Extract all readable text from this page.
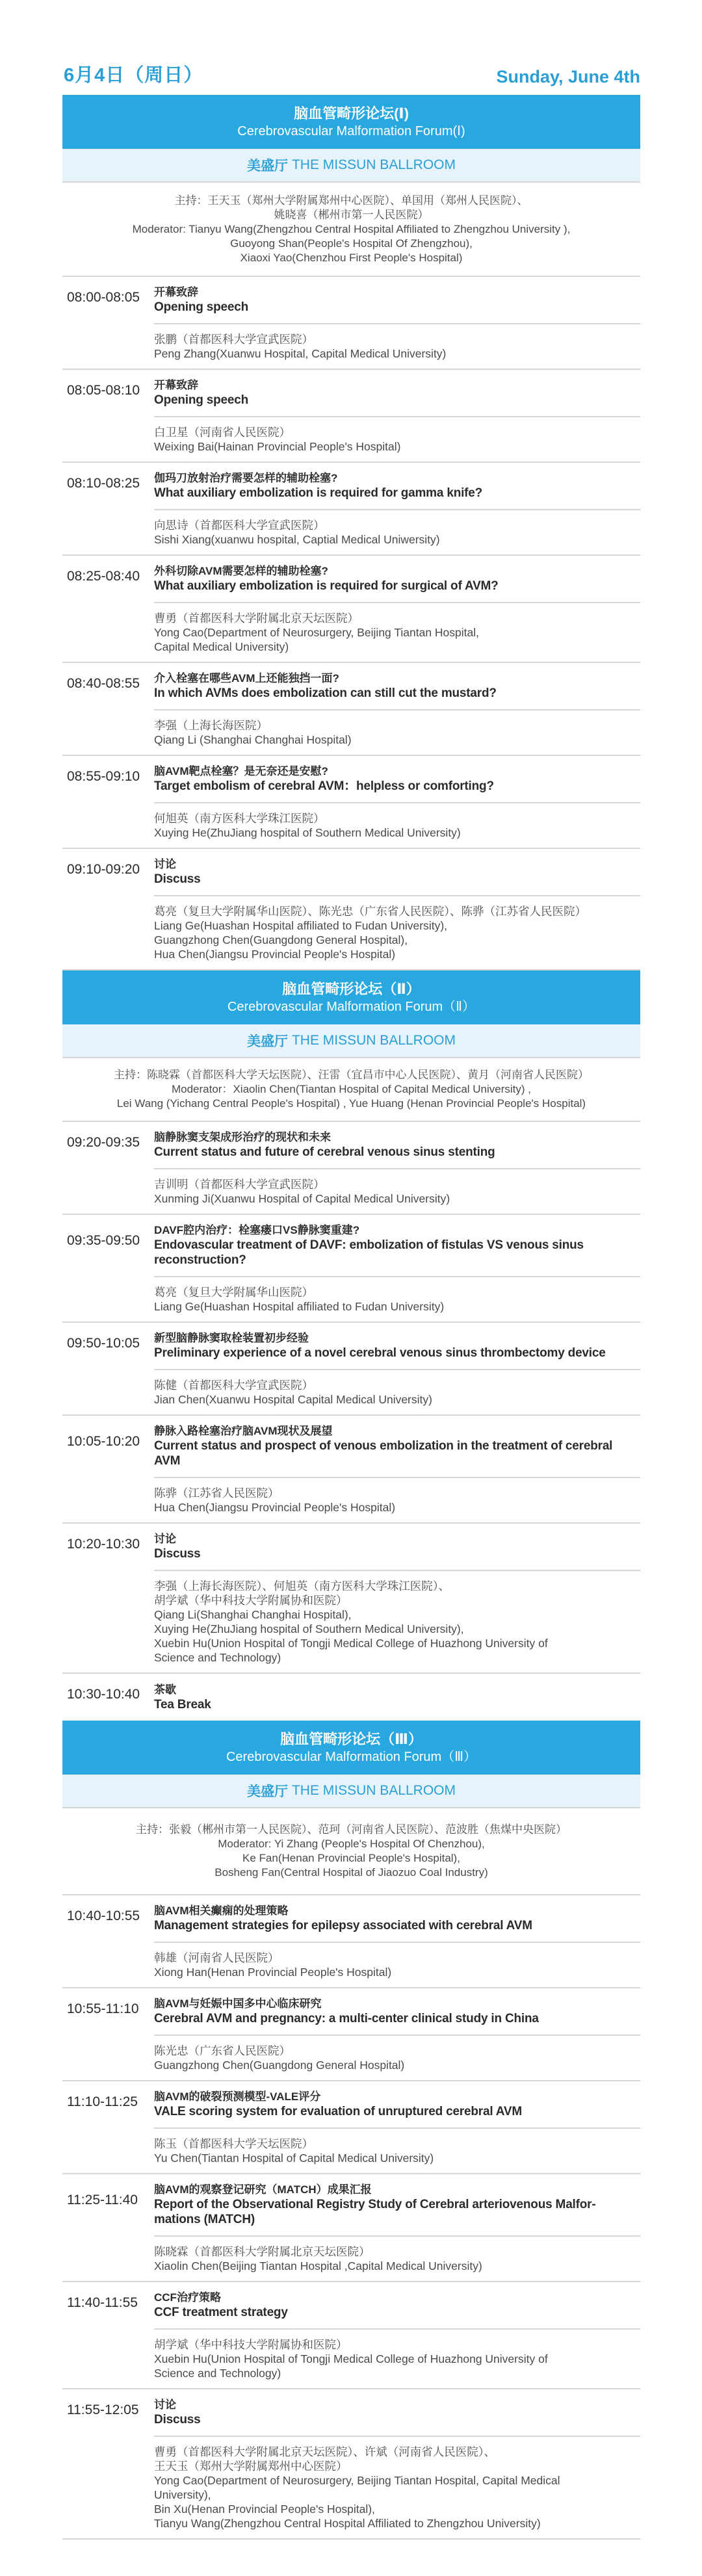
6月4日（周日）	Sunday, June 4th
脑血管畸形论坛(Ⅰ)
Cerebrovascular Malformation Forum(Ⅰ)
美盛厅 THE MISSUN BALLROOM
主持：王天玉（郑州大学附属郑州中心医院）、单国用（郑州人民医院）、
姚晓喜（郴州市第一人民医院）
Moderator: Tianyu Wang(Zhengzhou Central Hospital Affiliated to Zhengzhou University ),
Guoyong Shan(People's Hospital Of Zhengzhou),
Xiaoxi Yao(Chenzhou First People's Hospital)
08:00-08:05	开幕致辞
Opening speech
张鹏（首都医科大学宣武医院）
Peng Zhang(Xuanwu Hospital, Capital Medical University)
08:05-08:10	开幕致辞
Opening speech
白卫星（河南省人民医院）
Weixing Bai(Hainan Provincial People's Hospital)
08:10-08:25	伽玛刀放射治疗需要怎样的辅助栓塞?
What auxiliary embolization is required for gamma knife?
向思诗（首都医科大学宣武医院）
Sishi Xiang(xuanwu hospital, Captial Medical Uniwersity)
08:25-08:40	外科切除AVM需要怎样的辅助栓塞?
What auxiliary embolization is required for surgical of AVM?
曹勇（首都医科大学附属北京天坛医院）
Yong Cao(Department of Neurosurgery, Beijing Tiantan Hospital,
Capital Medical University)
08:40-08:55	介入栓塞在哪些AVM上还能独挡一面?
In which AVMs does embolization can still cut the mustard?
李强（上海长海医院）
Qiang Li (Shanghai Changhai Hospital)
08:55-09:10	脑AVM靶点栓塞？是无奈还是安慰?
Target embolism of cerebral AVM：helpless or comforting?
何旭英（南方医科大学珠江医院）
Xuying He(ZhuJiang hospital of Southern Medical University)
09:10-09:20	讨论
Discuss
葛亮（复旦大学附属华山医院）、陈光忠（广东省人民医院）、陈骅（江苏省人民医院）
Liang Ge(Huashan Hospital affiliated to Fudan University),
Guangzhong Chen(Guangdong General Hospital),
Hua Chen(Jiangsu Provincial People's Hospital)
脑血管畸形论坛（Ⅱ）
Cerebrovascular Malformation Forum（Ⅱ）
美盛厅 THE MISSUN BALLROOM
主持：陈晓霖（首都医科大学天坛医院）、汪雷（宜昌市中心人民医院）、黄月（河南省人民医院）
Moderator：Xiaolin Chen(Tiantan Hospital of Capital Medical University) ,
Lei Wang (Yichang Central People's Hospital) , Yue Huang (Henan Provincial People's Hospital)
09:20-09:35	脑静脉窦支架成形治疗的现状和未来
Current status and future of cerebral venous sinus stenting
吉训明（首都医科大学宣武医院）
Xunming Ji(Xuanwu Hospital of Capital Medical University)
09:35-09:50
DAVF腔内治疗：栓塞瘘口VS静脉窦重建?
Endovascular treatment of DAVF: embolization of fistulas VS venous sinus reconstruction?
葛亮（复旦大学附属华山医院）
Liang Ge(Huashan Hospital affiliated to Fudan University)
09:50-10:05	新型脑静脉窦取栓装置初步经验
Preliminary experience of a novel cerebral venous sinus thrombectomy device
陈健（首都医科大学宣武医院）
Jian Chen(Xuanwu Hospital Capital Medical University)
10:05-10:20
静脉入路栓塞治疗脑AVM现状及展望
Current status and prospect of venous embolization in the treatment of cerebral AVM
陈骅（江苏省人民医院）
Hua Chen(Jiangsu Provincial People's Hospital)
10:20-10:30	讨论
Discuss
李强（上海长海医院）、何旭英（南方医科大学珠江医院）、
胡学斌（华中科技大学附属协和医院）
Qiang Li(Shanghai Changhai Hospital),
Xuying He(ZhuJiang hospital of Southern Medical University),
Xuebin Hu(Union Hospital of Tongji Medical College of Huazhong University of
Science and Technology)
10:30-10:40	茶歇
Tea Break
脑血管畸形论坛（Ⅲ）
Cerebrovascular Malformation Forum（Ⅲ）
美盛厅 THE MISSUN BALLROOM
主持：张毅（郴州市第一人民医院）、范珂（河南省人民医院）、范波胜（焦煤中央医院）
Moderator: Yi Zhang (People's Hospital Of Chenzhou),
Ke Fan(Henan Provincial People's Hospital),
Bosheng Fan(Central Hospital of Jiaozuo Coal Industry)
10:40-10:55	脑AVM相关癫痫的处理策略
Management strategies for epilepsy associated with cerebral AVM
韩雄（河南省人民医院）
Xiong Han(Henan Provincial People's Hospital)
10:55-11:10	脑AVM与妊娠中国多中心临床研究
Cerebral AVM and pregnancy: a multi-center clinical study in China
陈光忠（广东省人民医院）
Guangzhong Chen(Guangdong General Hospital)
11:10-11:25	脑AVM的破裂预测模型-VALE评分
VALE scoring system for evaluation of unruptured cerebral AVM
陈玉（首都医科大学天坛医院）
Yu Chen(Tiantan Hospital of Capital Medical University)
11:25-11:40
脑AVM的观察登记研究（MATCH）成果汇报
Report of the Observational Registry Study of Cerebral arteriovenous Malfor-mations (MATCH)
陈晓霖（首都医科大学附属北京天坛医院）
Xiaolin Chen(Beijing Tiantan Hospital ,Capital Medical University)
11:40-11:55	CCF治疗策略
CCF treatment strategy
胡学斌（华中科技大学附属协和医院）
Xuebin Hu(Union Hospital of Tongji Medical College of Huazhong University of
Science and Technology)
11:55-12:05	讨论
Discuss
曹勇（首都医科大学附属北京天坛医院）、许斌（河南省人民医院）、
王天玉（郑州大学附属郑州中心医院）
Yong Cao(Department of Neurosurgery, Beijing Tiantan Hospital, Capital Medical
University),
Bin Xu(Henan Provincial People's Hospital),
Tianyu Wang(Zhengzhou Central Hospital Affiliated to Zhengzhou University)
